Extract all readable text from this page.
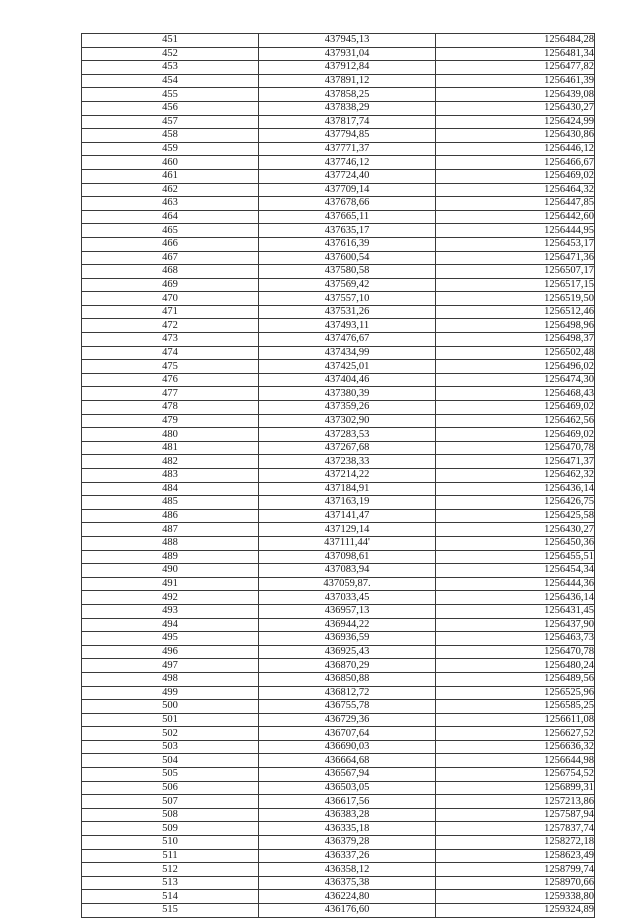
451	437945,13	1256484,28
452	437931,04	1256481,34
453	437912,84	1256477,82
454	437891,12	1256461,39
455	437858,25	1256439,08
456	437838,29	1256430,27
457	437817,74	1256424,99
458	437794,85	1256430,86
459	437771,37	1256446,12
460	437746,12	1256466,67
461	437724,40	1256469,02
462	437709,14	1256464,32
463	437678,66	1256447,85
464	437665,11	1256442,60
465	437635,17	1256444,95
466	437616,39	1256453,17
467	437600,54	1256471,36
468	437580,58	1256507,17
469	437569,42	1256517,15
470	437557,10	1256519,50
471	437531,26	1256512,46
472	437493,11	1256498,96
473	437476,67	1256498,37
474	437434,99	1256502,48
475	437425,01	1256496,02
476	437404,46	1256474,30
477	437380,39	1256468,43
478	437359,26	1256469,02
479	437302,90	1256462,56
480	437283,53	1256469,02
481	437267,68	1256470,78
482	437238,33	1256471,37
483	437214,22	1256462,32
484	437184,91	1256436,14
485	437163,19	1256426,75
486	437141,47	1256425,58
487	437129,14	1256430,27
488	437111,44'	1256450,36
489	437098,61	1256455,51
490	437083,94	1256454,34
491	437059,87.	1256444,36
492	437033,45	1256436,14
493	436957,13	1256431,45
494	436944,22	1256437,90
495	436936,59	1256463,73
496	436925,43	1256470,78
497	436870,29	1256480,24
498	436850,88	1256489,56
499	436812,72	1256525,96
500	436755,78	1256585,25
501	436729,36	1256611,08
502	436707,64	1256627,52
503	436690,03	1256636,32
504	436664,68	1256644,98
505	436567,94	1256754,52
506	436503,05	1256899,31
507	436617,56	1257213,86
508	436383,28	1257587,94
509	436335,18	1257837,74
510	436379,28	1258272,18
511	436337,26	1258623,49
512	436358,12	1258799,74
513	436375,38	1258970,66
514	436224,80	1259338,80
515	436176,60	1259324,89
